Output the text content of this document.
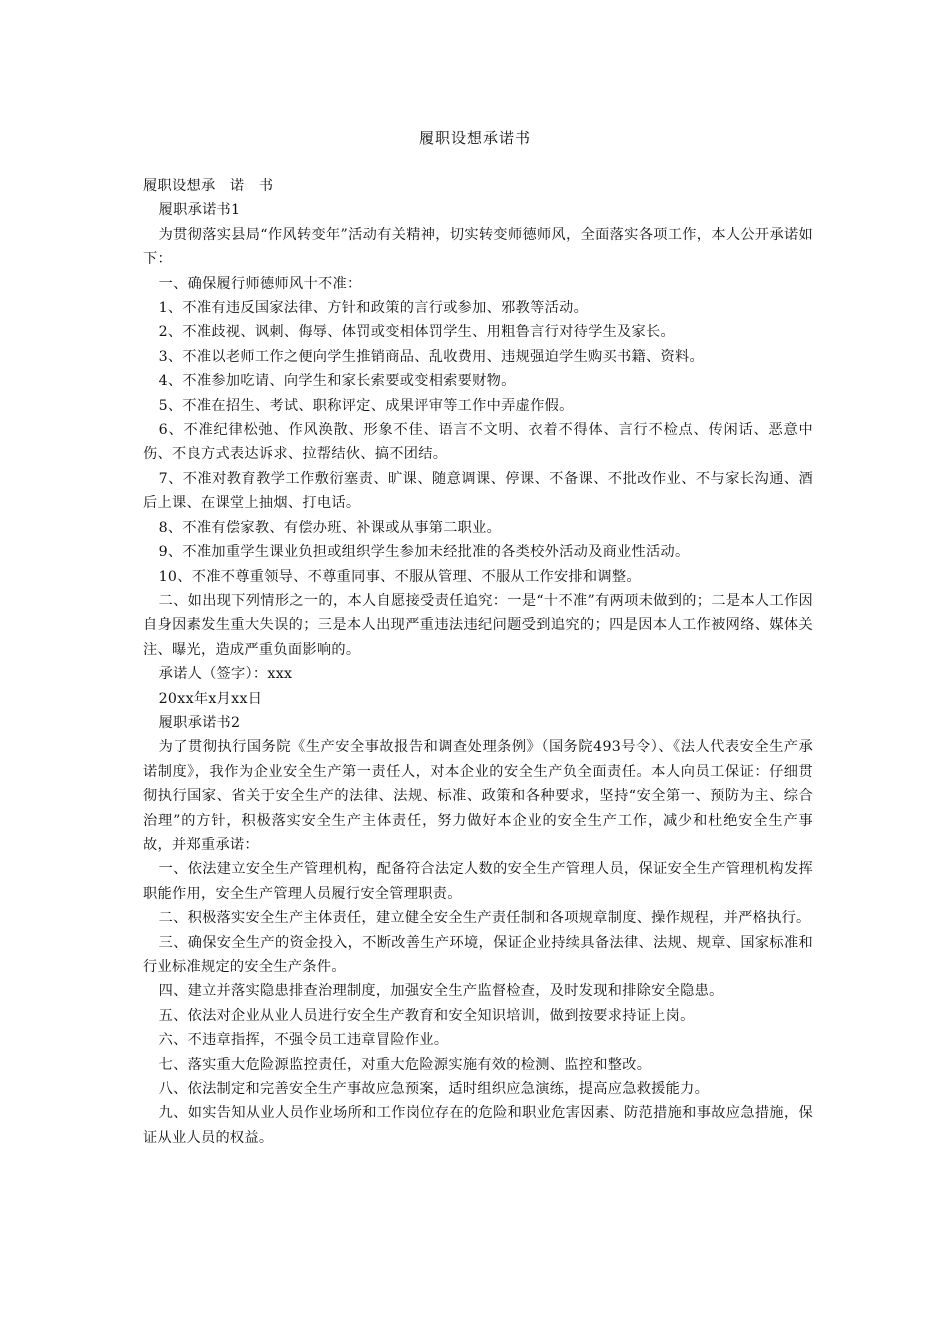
履职设想承诺书

履职设想承　诺　书

履职承诺书1

为贯彻落实县局“作风转变年”活动有关精神，切实转变师德师风，全面落实各项工作，本人公开承诺如下：

一、确保履行师德师风十不准：

1、不准有违反国家法律、方针和政策的言行或参加、邪教等活动。

2、不准歧视、讽刺、侮辱、体罚或变相体罚学生、用粗鲁言行对待学生及家长。

3、不准以老师工作之便向学生推销商品、乱收费用、违规强迫学生购买书籍、资料。

4、不准参加吃请、向学生和家长索要或变相索要财物。

5、不准在招生、考试、职称评定、成果评审等工作中弄虚作假。

6、不准纪律松弛、作风涣散、形象不佳、语言不文明、衣着不得体、言行不检点、传闲话、恶意中伤、不良方式表达诉求、拉帮结伙、搞不团结。

7、不准对教育教学工作敷衍塞责、旷课、随意调课、停课、不备课、不批改作业、不与家长沟通、酒后上课、在课堂上抽烟、打电话。

8、不准有偿家教、有偿办班、补课或从事第二职业。

9、不准加重学生课业负担或组织学生参加未经批准的各类校外活动及商业性活动。

10、不准不尊重领导、不尊重同事、不服从管理、不服从工作安排和调整。

二、如出现下列情形之一的，本人自愿接受责任追究：一是“十不准”有两项未做到的；二是本人工作因自身因素发生重大失误的；三是本人出现严重违法违纪问题受到追究的；四是因本人工作被网络、媒体关注、曝光，造成严重负面影响的。

承诺人（签字）：xxx

20xx年x月xx日

履职承诺书2

为了贯彻执行国务院《生产安全事故报告和调查处理条例》（国务院493号令）、《法人代表安全生产承诺制度》，我作为企业安全生产第一责任人，对本企业的安全生产负全面责任。本人向员工保证：仔细贯彻执行国家、省关于安全生产的法律、法规、标准、政策和各种要求，坚持“安全第一、预防为主、综合治理”的方针，积极落实安全生产主体责任，努力做好本企业的安全生产工作，减少和杜绝安全生产事故，并郑重承诺：

一、依法建立安全生产管理机构，配备符合法定人数的安全生产管理人员，保证安全生产管理机构发挥职能作用，安全生产管理人员履行安全管理职责。

二、积极落实安全生产主体责任，建立健全安全生产责任制和各项规章制度、操作规程，并严格执行。

三、确保安全生产的资金投入，不断改善生产环境，保证企业持续具备法律、法规、规章、国家标准和行业标准规定的安全生产条件。

四、建立并落实隐患排查治理制度，加强安全生产监督检查，及时发现和排除安全隐患。

五、依法对企业从业人员进行安全生产教育和安全知识培训，做到按要求持证上岗。

六、不违章指挥，不强令员工违章冒险作业。

七、落实重大危险源监控责任，对重大危险源实施有效的检测、监控和整改。

八、依法制定和完善安全生产事故应急预案，适时组织应急演练，提高应急救援能力。

九、如实告知从业人员作业场所和工作岗位存在的危险和职业危害因素、防范措施和事故应急措施，保证从业人员的权益。
